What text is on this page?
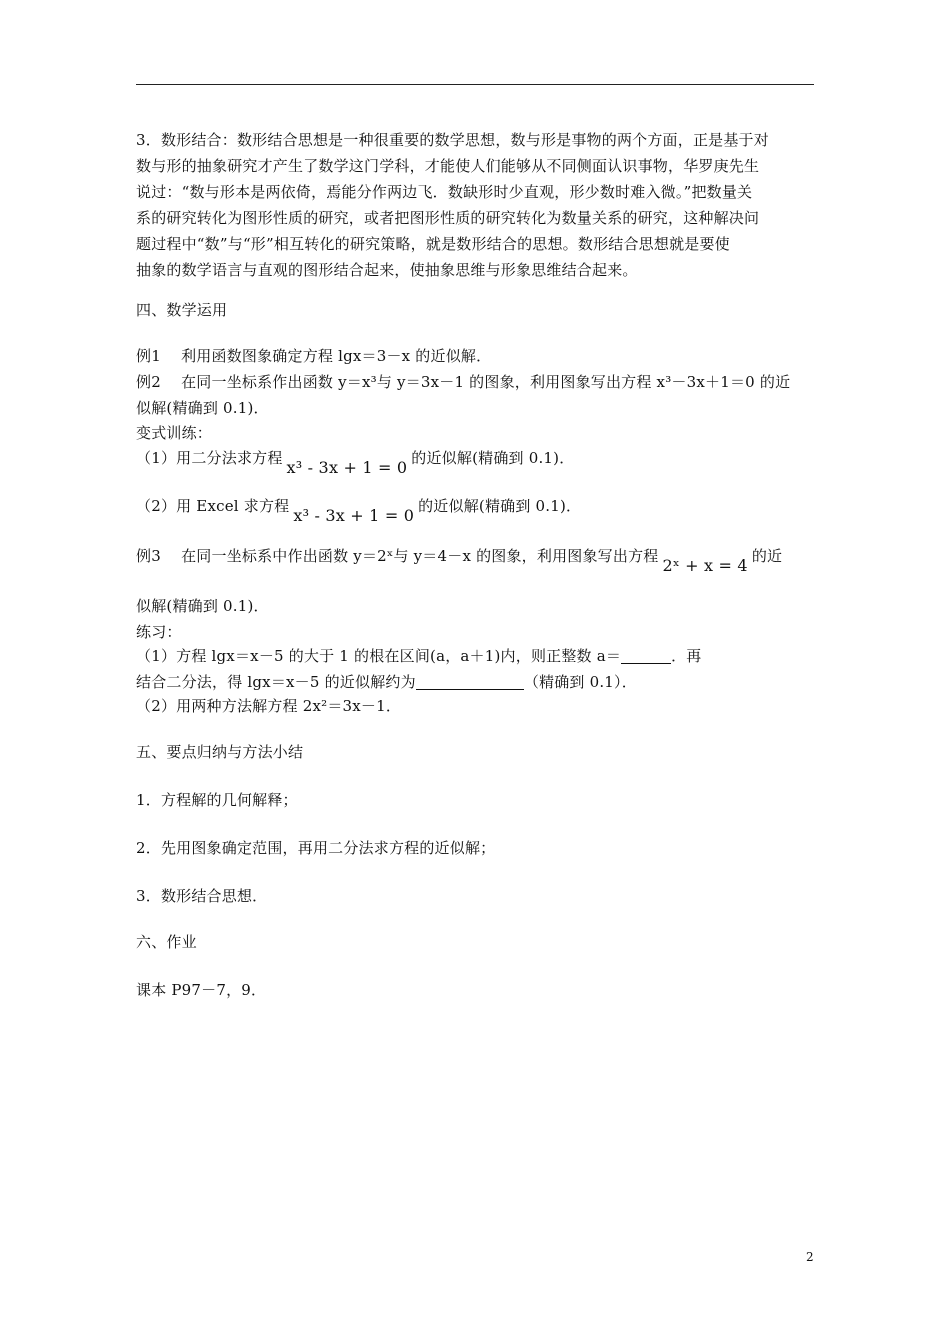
3．数形结合：数形结合思想是一种很重要的数学思想，数与形是事物的两个方面，正是基于对
数与形的抽象研究才产生了数学这门学科，才能使人们能够从不同侧面认识事物，华罗庚先生
说过：“数与形本是两依倚，焉能分作两边飞．数缺形时少直观，形少数时难入微。”把数量关
系的研究转化为图形性质的研究，或者把图形性质的研究转化为数量关系的研究，这种解决问
题过程中“数”与“形”相互转化的研究策略，就是数形结合的思想。数形结合思想就是要使
抽象的数学语言与直观的图形结合起来，使抽象思维与形象思维结合起来。
四、数学运用
例1　 利用函数图象确定方程 lgx＝3－x 的近似解．
例2　 在同一坐标系作出函数 y＝x³与 y＝3x－1 的图象，利用图象写出方程 x³－3x＋1＝0 的近
似解(精确到 0.1)．
变式训练：
（1）用二分法求方程 x³ - 3x + 1 = 0 的近似解(精确到 0.1)．
（2）用 Excel 求方程 x³ - 3x + 1 = 0 的近似解(精确到 0.1)．
例3　 在同一坐标系中作出函数 y＝2ˣ与 y＝4－x 的图象，利用图象写出方程 2ˣ + x = 4 的近
似解(精确到 0.1)．
练习：
（1）方程 lgx＝x－5 的大于 1 的根在区间(a，a＋1)内，则正整数 a＝	．再
结合二分法，得 lgx＝x－5 的近似解约为	（精确到 0.1）．
（2）用两种方法解方程 2x²＝3x－1．
五、要点归纳与方法小结
1．方程解的几何解释；
2．先用图象确定范围，再用二分法求方程的近似解；
3．数形结合思想．
六、作业
课本 P97－7，9．
2
